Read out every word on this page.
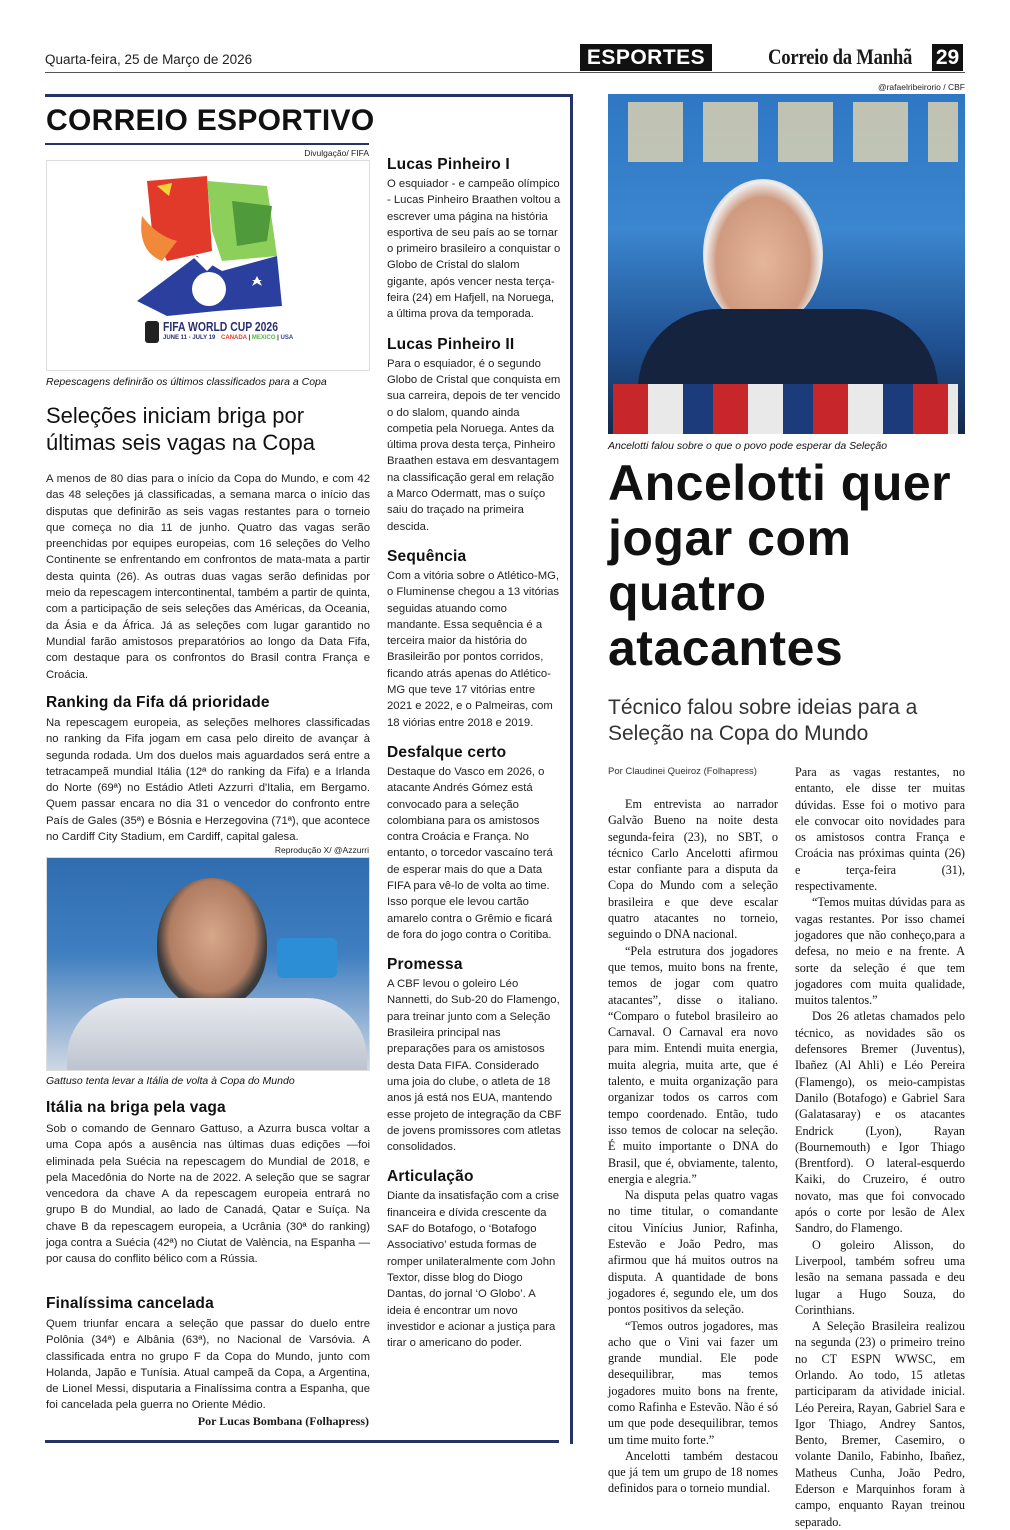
Quarta-feira, 25 de Março de 2026	ESPORTES	Correio da Manhã 29
CORREIO ESPORTIVO
Divulgação/ FIFA
FIFA WORLD CUP 2026
JUNE 11 - JULY 19 CANADA | MEXICO | USA
Repescagens definirão os últimos classificados para a Copa
Seleções iniciam briga por últimas seis vagas na Copa
A menos de 80 dias para o início da Copa do Mundo, e com 42 das 48 seleções já classificadas, a semana marca o início das disputas que definirão as seis vagas restantes para o torneio que começa no dia 11 de junho. Quatro das vagas serão preenchidas por equipes europeias, com 16 seleções do Velho Continente se enfrentando em confrontos de mata-mata a partir desta quinta (26). As outras duas vagas serão definidas por meio da repescagem intercontinental, também a partir de quinta, com a participação de seis seleções das Américas, da Oceania, da Ásia e da África. Já as seleções com lugar garantido no Mundial farão amistosos preparatórios ao longo da Data Fifa, com destaque para os confrontos do Brasil contra França e Croácia.
Ranking da Fifa dá prioridade
Na repescagem europeia, as seleções melhores classificadas no ranking da Fifa jogam em casa pelo direito de avançar à segunda rodada. Um dos duelos mais aguardados será entre a tetracampeã mundial Itália (12ª do ranking da Fifa) e a Irlanda do Norte (69ª) no Estádio Atleti Azzurri d'Italia, em Bergamo. Quem passar encara no dia 31 o vencedor do confronto entre País de Gales (35ª) e Bósnia e Herzegovina (71ª), que acontece no Cardiff City Stadium, em Cardiff, capital galesa.
Reprodução X/ @Azzurri
Gattuso tenta levar a Itália de volta à Copa do Mundo
Itália na briga pela vaga
Sob o comando de Gennaro Gattuso, a Azurra busca voltar a uma Copa após a ausência nas últimas duas edições —foi eliminada pela Suécia na repescagem do Mundial de 2018, e pela Macedônia do Norte na de 2022. A seleção que se sagrar vencedora da chave A da repescagem europeia entrará no grupo B do Mundial, ao lado de Canadá, Qatar e Suíça. Na chave B da repescagem europeia, a Ucrânia (30ª do ranking) joga contra a Suécia (42ª) no Ciutat de València, na Espanha —por causa do conflito bélico com a Rússia.
Finalíssima cancelada
Quem triunfar encara a seleção que passar do duelo entre Polônia (34ª) e Albânia (63ª), no Nacional de Varsóvia. A classificada entra no grupo F da Copa do Mundo, junto com Holanda, Japão e Tunísia. Atual campeã da Copa, a Argentina, de Lionel Messi, disputaria a Finalíssima contra a Espanha, que foi cancelada pela guerra no Oriente Médio.
Por Lucas Bombana (Folhapress)
Lucas Pinheiro I
O esquiador - e campeão olímpico - Lucas Pinheiro Braathen voltou a escrever uma página na história esportiva de seu país ao se tornar o primeiro brasileiro a conquistar o Globo de Cristal do slalom gigante, após vencer nesta terça-feira (24) em Hafjell, na Noruega, a última prova da temporada.
Lucas Pinheiro II
Para o esquiador, é o segundo Globo de Cristal que conquista em sua carreira, depois de ter vencido o do slalom, quando ainda competia pela Noruega. Antes da última prova desta terça, Pinheiro Braathen estava em desvantagem na classificação geral em relação a Marco Odermatt, mas o suíço saiu do traçado na primeira descida.
Sequência
Com a vitória sobre o Atlético-MG, o Fluminense chegou a 13 vitórias seguidas atuando como mandante. Essa sequência é a terceira maior da história do Brasileirão por pontos corridos, ficando atrás apenas do Atlético-MG que teve 17 vitórias entre 2021 e 2022, e o Palmeiras, com 18 viórias entre 2018 e 2019.
Desfalque certo
Destaque do Vasco em 2026, o atacante Andrés Gómez está convocado para a seleção colombiana para os amistosos contra Croácia e França. No entanto, o torcedor vascaíno terá de esperar mais do que a Data FIFA para vê-lo de volta ao time. Isso porque ele levou cartão amarelo contra o Grêmio e ficará de fora do jogo contra o Coritiba.
Promessa
A CBF levou o goleiro Léo Nannetti, do Sub-20 do Flamengo, para treinar junto com a Seleção Brasileira principal nas preparações para os amistosos desta Data FIFA. Considerado uma joia do clube, o atleta de 18 anos já está nos EUA, mantendo esse projeto de integração da CBF de jovens promissores com atletas consolidados.
Articulação
Diante da insatisfação com a crise financeira e dívida crescente da SAF do Botafogo, o ‘Botafogo Associativo’ estuda formas de romper unilateralmente com John Textor, disse blog do Diogo Dantas, do jornal ‘O Globo’. A ideia é encontrar um novo investidor e acionar a justiça para tirar o americano do poder.
@rafaelribeirorio / CBF
Ancelotti falou sobre o que o povo pode esperar da Seleção
Ancelotti quer jogar com quatro atacantes
Técnico falou sobre ideias para a Seleção na Copa do Mundo
Por Claudinei Queiroz (Folhapress)

Em entrevista ao narrador Galvão Bueno na noite desta segunda-feira (23), no SBT, o técnico Carlo Ancelotti afirmou estar confiante para a disputa da Copa do Mundo com a seleção brasileira e que deve escalar quatro atacantes no torneio, seguindo o DNA nacional.

“Pela estrutura dos jogadores que temos, muito bons na frente, temos de jogar com quatro atacantes”, disse o italiano. “Comparo o futebol brasileiro ao Carnaval. O Carnaval era novo para mim. Entendi muita energia, muita alegria, muita arte, que é talento, e muita organização para organizar todos os carros com tempo coordenado. Então, tudo isso temos de colocar na seleção. É muito importante o DNA do Brasil, que é, obviamente, talento, energia e alegria.”

Na disputa pelas quatro vagas no time titular, o comandante citou Vinícius Junior, Rafinha, Estevão e João Pedro, mas afirmou que há muitos outros na disputa. A quantidade de bons jogadores é, segundo ele, um dos pontos positivos da seleção.

“Temos outros jogadores, mas acho que o Vini vai fazer um grande mundial. Ele pode desequilibrar, mas temos jogadores muito bons na frente, como Rafinha e Estevão. Não é só um que pode desequilibrar, temos um time muito forte.”

Ancelotti também destacou que já tem um grupo de 18 nomes definidos para o torneio mundial.

Para as vagas restantes, no entanto, ele disse ter muitas dúvidas. Esse foi o motivo para ele convocar oito novidades para os amistosos contra França e Croácia nas próximas quinta (26) e terça-feira (31), respectivamente.

“Temos muitas dúvidas para as vagas restantes. Por isso chamei jogadores que não conheço,para a defesa, no meio e na frente. A sorte da seleção é que tem jogadores com muita qualidade, muitos talentos.”

Dos 26 atletas chamados pelo técnico, as novidades são os defensores Bremer (Juventus), Ibañez (Al Ahli) e Léo Pereira (Flamengo), os meio-campistas Danilo (Botafogo) e Gabriel Sara (Galatasaray) e os atacantes Endrick (Lyon), Rayan (Bournemouth) e Igor Thiago (Brentford). O lateral-esquerdo Kaiki, do Cruzeiro, é outro novato, mas que foi convocado após o corte por lesão de Alex Sandro, do Flamengo.

O goleiro Alisson, do Liverpool, também sofreu uma lesão na semana passada e deu lugar a Hugo Souza, do Corinthians.

A Seleção Brasileira realizou na segunda (23) o primeiro treino no CT ESPN WWSC, em Orlando. Ao todo, 15 atletas participaram da atividade inicial. Léo Pereira, Rayan, Gabriel Sara e Igor Thiago, Andrey Santos, Bento, Bremer, Casemiro, o volante Danilo, Fabinho, Ibañez, Matheus Cunha, João Pedro, Ederson e Marquinhos foram à campo, enquanto Rayan treinou separado.
